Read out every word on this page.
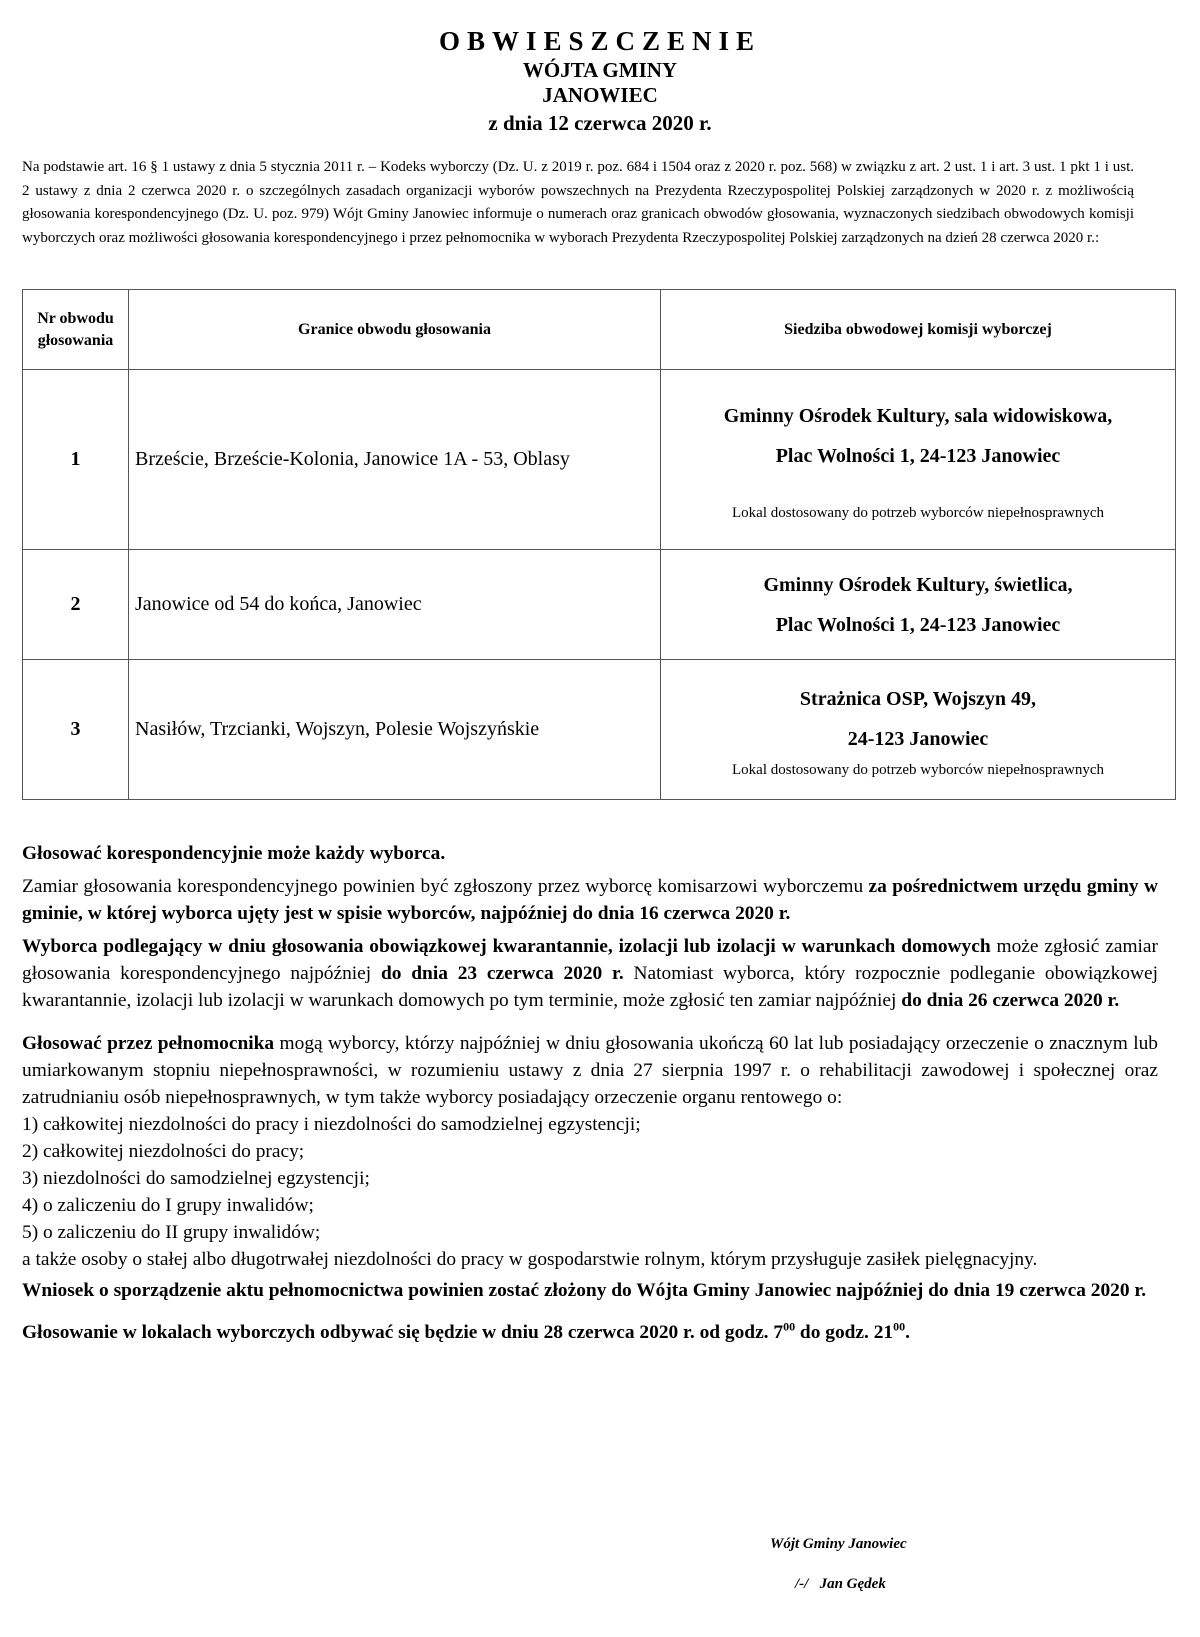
OBWIESZCZENIE
WÓJTA GMINY
JANOWIEC
z dnia 12 czerwca 2020 r.
Na podstawie art. 16 § 1 ustawy z dnia 5 stycznia 2011 r. – Kodeks wyborczy (Dz. U. z 2019 r. poz. 684 i 1504 oraz z 2020 r. poz. 568) w związku z art. 2 ust. 1 i art. 3 ust. 1 pkt 1 i ust. 2 ustawy z dnia 2 czerwca 2020 r. o szczególnych zasadach organizacji wyborów powszechnych na Prezydenta Rzeczypospolitej Polskiej zarządzonych w 2020 r. z możliwością głosowania korespondencyjnego (Dz. U. poz. 979) Wójt Gminy Janowiec informuje o numerach oraz granicach obwodów głosowania, wyznaczonych siedzibach obwodowych komisji wyborczych oraz możliwości głosowania korespondencyjnego i przez pełnomocnika w wyborach Prezydenta Rzeczypospolitej Polskiej zarządzonych na dzień 28 czerwca 2020 r.:
Nr obwodu
głosowania	Granice obwodu głosowania	Siedziba obwodowej komisji wyborczej
1	Brzeście, Brzeście-Kolonia, Janowice 1A - 53, Oblasy	Gminny Ośrodek Kultury, sala widowiskowa,
Plac Wolności 1, 24-123 Janowiec
Lokal dostosowany do potrzeb wyborców niepełnosprawnych

2	Janowice od 54 do końca, Janowiec	Gminny Ośrodek Kultury, świetlica,
Plac Wolności 1, 24-123 Janowiec

3	Nasiłów, Trzcianki, Wojszyn, Polesie Wojszyńskie	Strażnica OSP, Wojszyn 49,
24-123 Janowiec
Lokal dostosowany do potrzeb wyborców niepełnosprawnych

Głosować korespondencyjnie może każdy wyborca.

Zamiar głosowania korespondencyjnego powinien być zgłoszony przez wyborcę komisarzowi wyborczemu za pośrednictwem urzędu gminy w gminie, w której wyborca ujęty jest w spisie wyborców, najpóźniej do dnia 16 czerwca 2020 r.

Wyborca podlegający w dniu głosowania obowiązkowej kwarantannie, izolacji lub izolacji w warunkach domowych może zgłosić zamiar głosowania korespondencyjnego najpóźniej do dnia 23 czerwca 2020 r. Natomiast wyborca, który rozpocznie podleganie obowiązkowej kwarantannie, izolacji lub izolacji w warunkach domowych po tym terminie, może zgłosić ten zamiar najpóźniej do dnia 26 czerwca 2020 r.

Głosować przez pełnomocnika mogą wyborcy, którzy najpóźniej w dniu głosowania ukończą 60 lat lub posiadający orzeczenie o znacznym lub umiarkowanym stopniu niepełnosprawności, w rozumieniu ustawy z dnia 27 sierpnia 1997 r. o rehabilitacji zawodowej i społecznej oraz zatrudnianiu osób niepełnosprawnych, w tym także wyborcy posiadający orzeczenie organu rentowego o:

1) całkowitej niezdolności do pracy i niezdolności do samodzielnej egzystencji;

2) całkowitej niezdolności do pracy;

3) niezdolności do samodzielnej egzystencji;

4) o zaliczeniu do I grupy inwalidów;

5) o zaliczeniu do II grupy inwalidów;

a także osoby o stałej albo długotrwałej niezdolności do pracy w gospodarstwie rolnym, którym przysługuje zasiłek pielęgnacyjny.

Wniosek o sporządzenie aktu pełnomocnictwa powinien zostać złożony do Wójta Gminy Janowiec najpóźniej do dnia 19 czerwca 2020 r.

Głosowanie w lokalach wyborczych odbywać się będzie w dniu 28 czerwca 2020 r. od godz. $7^{00}$ do godz. $21^{00}$.

Wójt Gminy Janowiec
/-/   Jan Gędek
